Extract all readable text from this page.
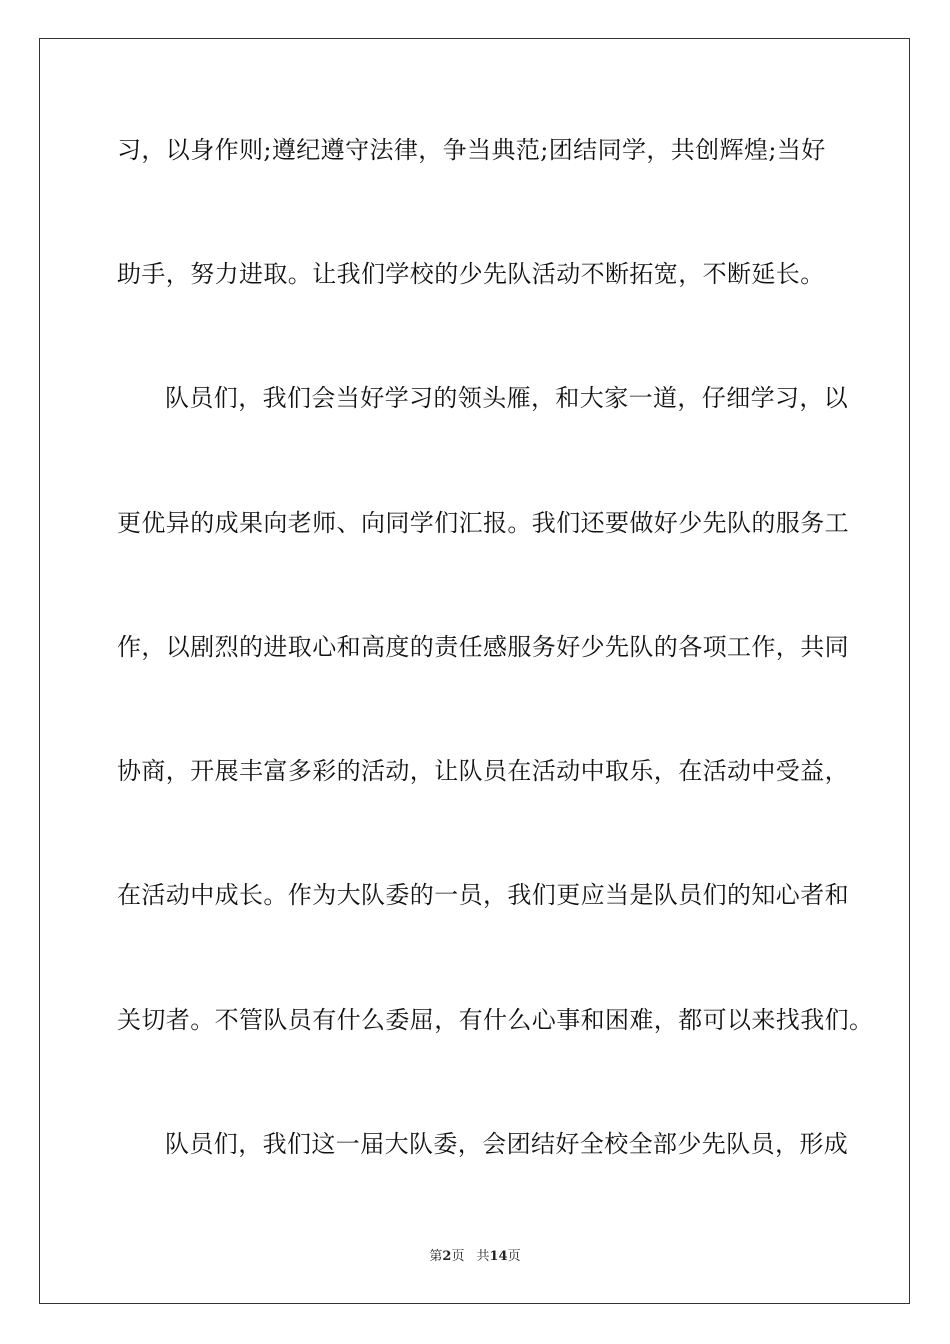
习，以身作则;遵纪遵守法律，争当典范;团结同学，共创辉煌;当好
助手，努力进取。让我们学校的少先队活动不断拓宽，不断延长。
队员们，我们会当好学习的领头雁，和大家一道，仔细学习，以
更优异的成果向老师、向同学们汇报。我们还要做好少先队的服务工
作，以剧烈的进取心和高度的责任感服务好少先队的各项工作，共同
协商，开展丰富多彩的活动，让队员在活动中取乐，在活动中受益，
在活动中成长。作为大队委的一员，我们更应当是队员们的知心者和
关切者。不管队员有什么委屈，有什么心事和困难，都可以来找我们。
队员们，我们这一届大队委，会团结好全校全部少先队员，形成
第2页 共14页
